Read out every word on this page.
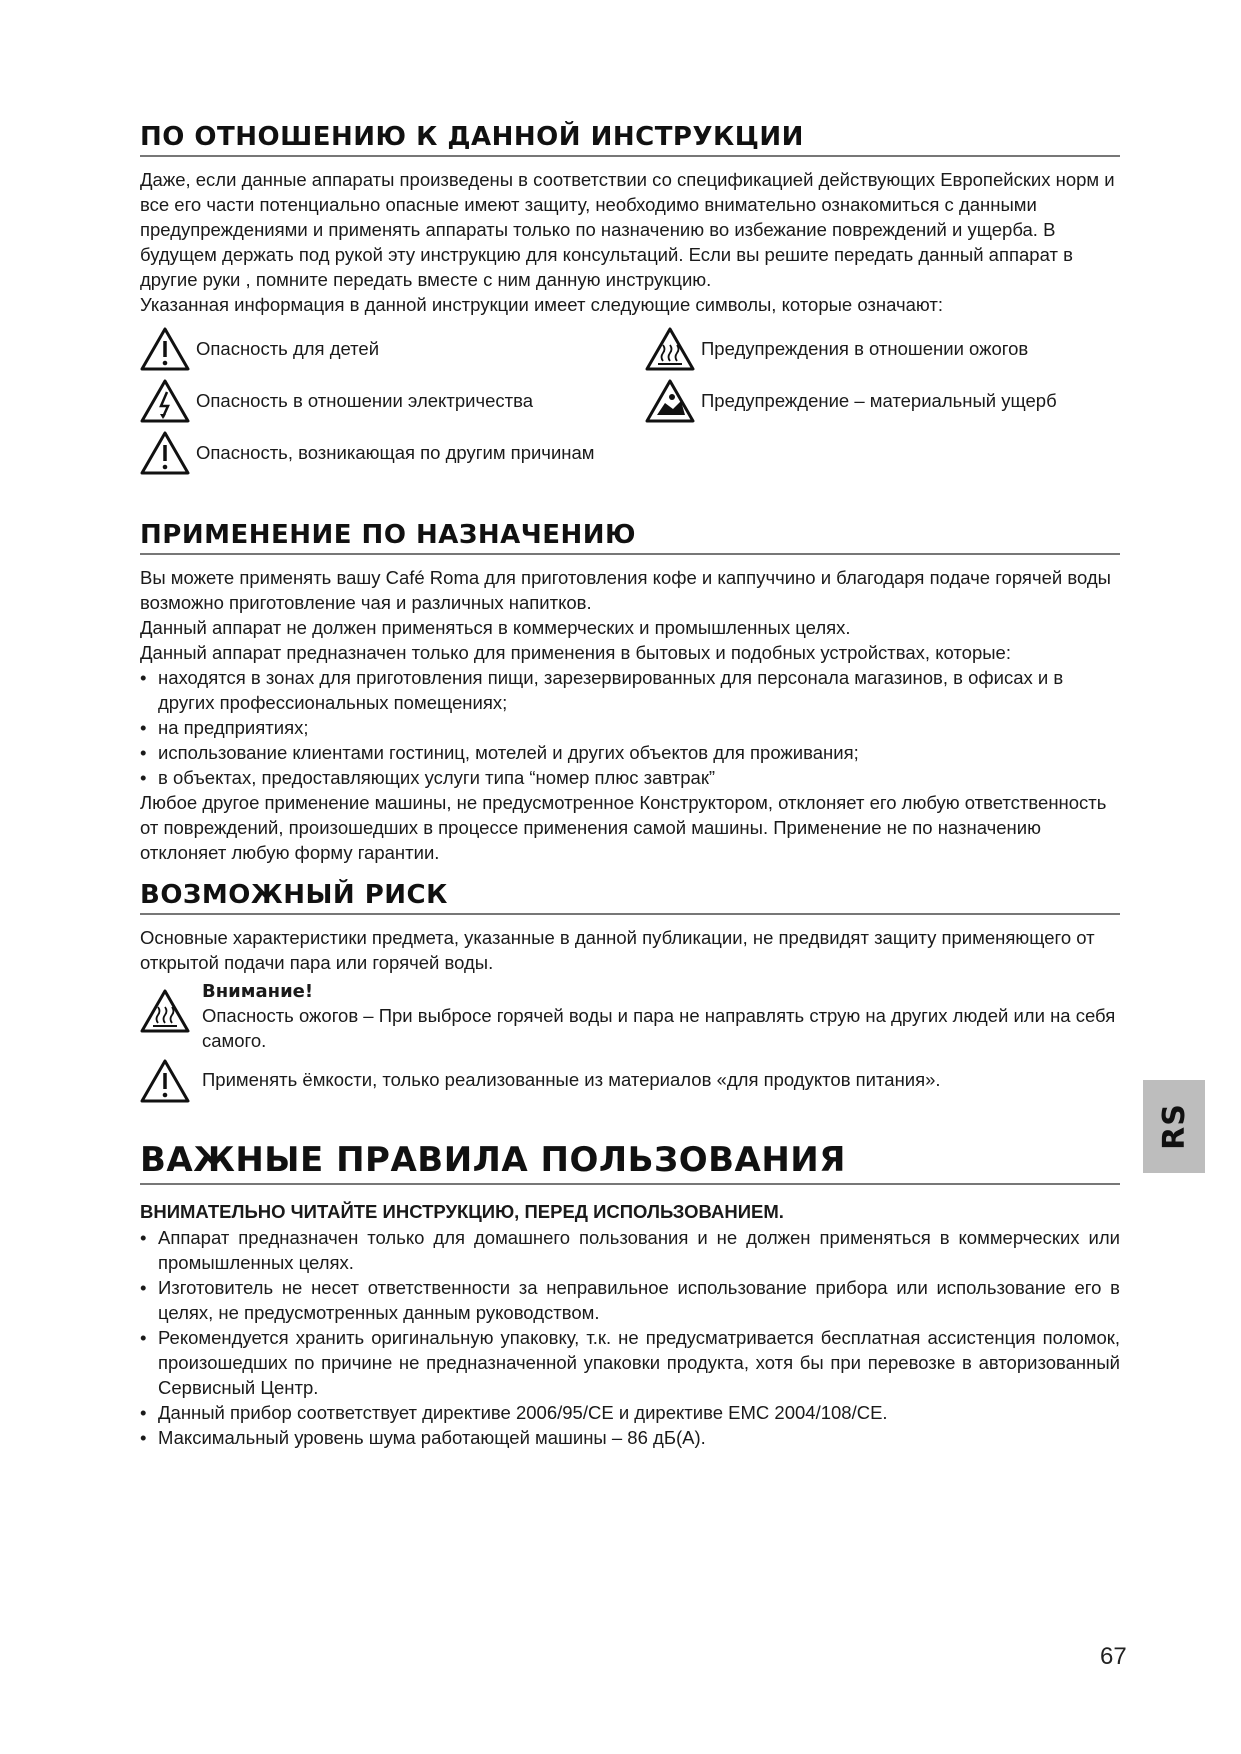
ПО ОТНОШЕНИЮ К ДАННОЙ ИНСТРУКЦИИ

Даже, если данные аппараты произведены в соответствии со спецификацией действующих Европейских норм и все его части потенциально опасные имеют защиту, необходимо внимательно ознакомиться с данными предупреждениями и применять аппараты только по назначению во избежание повреждений и ущерба. В будущем держать под рукой эту инструкцию для консультаций. Если вы решите передать данный аппарат в другие руки , помните передать вместе с ним данную инструкцию.

Указанная информация в данной инструкции имеет следующие символы, которые означают:

Опасность для детей
Опасность в отношении электричества
Опасность, возникающая по другим причинам
Предупреждения в отношении ожогов
Предупреждение – материальный ущерб
ПРИМЕНЕНИЕ ПО НАЗНАЧЕНИЮ

Вы можете применять вашу Café Roma для приготовления кофе и каппуччино и благодаря подаче горячей воды возможно приготовление чая и различных напитков.

Данный аппарат не должен применяться в коммерческих и промышленных целях.

Данный аппарат предназначен только для применения в бытовых и подобных устройствах, которые:

• находятся в зонах для приготовления пищи, зарезервированных для персонала магазинов, в офисах и в других профессиональных помещениях;
• на предприятиях;
• использование клиентами гостиниц, мотелей и других объектов для проживания;
• в объектах, предоставляющих услуги типа “номер плюс завтрак”

Любое другое применение машины, не предусмотренное Конструктором, отклоняет его любую ответственность от повреждений, произошедших в процессе применения самой машины. Применение не по назначению отклоняет любую форму гарантии.

ВОЗМОЖНЫЙ РИСК

Основные характеристики предмета, указанные в данной публикации, не предвидят защиту применяющего от открытой подачи пара или горячей воды.

Внимание!

Опасность ожогов – При выбросе горячей воды и пара не направлять струю на других людей или на себя самого.

Применять ёмкости, только реализованные из материалов «для продуктов питания».

ВАЖНЫЕ ПРАВИЛА ПОЛЬЗОВАНИЯ
ВНИМАТЕЛЬНО ЧИТАЙТЕ ИНСТРУКЦИЮ, ПЕРЕД ИСПОЛЬЗОВАНИЕМ.
• Аппарат предназначен только для домашнего пользования и не должен применяться в коммерческих или промышленных целях.
• Изготовитель не несет ответственности за неправильное использование прибора или использование его в целях, не предусмотренных данным руководством.
• Рекомендуется хранить оригинальную упаковку, т.к. не предусматривается бесплатная ассистенция поломок, произошедших по причине не предназначенной упаковки продукта, хотя бы при перевозке в авторизованный Сервисный Центр.
• Данный прибор соответствует директиве 2006/95/CE и директиве EMC 2004/108/CE.
• Максимальный уровень шума работающей машины – 86 дБ(А).
RS
67
